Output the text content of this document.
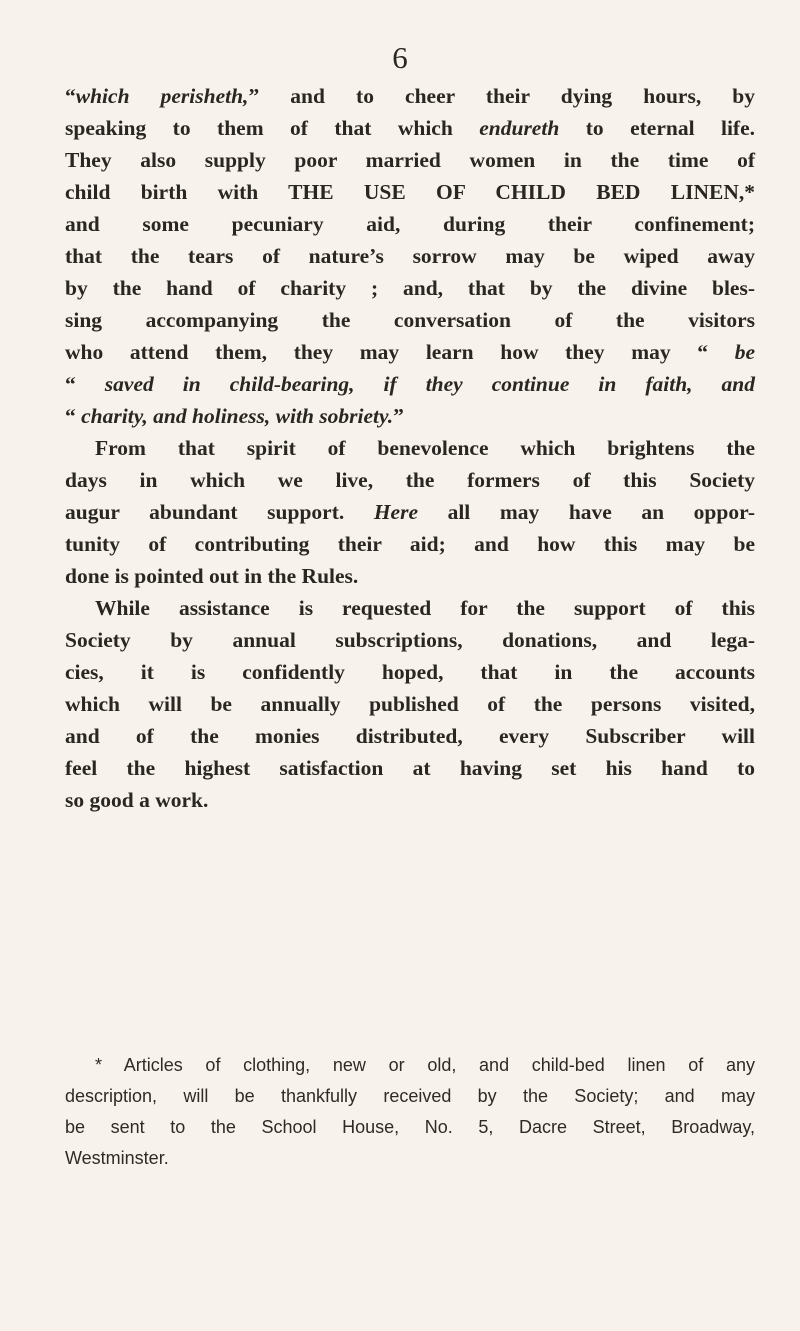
6
“which perisheth,” and to cheer their dying hours, by
speaking to them of that which endureth to eternal life.
They also supply poor married women in the time of
child birth with THE USE OF CHILD BED LINEN,*
and some pecuniary aid, during their confinement;
that the tears of nature’s sorrow may be wiped away
by the hand of charity ; and, that by the divine bles-
sing accompanying the conversation of the visitors
who attend them, they may learn how they may “ be
“ saved in child-bearing, if they continue in faith, and
“ charity, and holiness, with sobriety.”
From that spirit of benevolence which brightens the
days in which we live, the formers of this Society
augur abundant support. Here all may have an oppor-
tunity of contributing their aid; and how this may be
done is pointed out in the Rules.
While assistance is requested for the support of this
Society by annual subscriptions, donations, and lega-
cies, it is confidently hoped, that in the accounts
which will be annually published of the persons visited,
and of the monies distributed, every Subscriber will
feel the highest satisfaction at having set his hand to
so good a work.
* Articles of clothing, new or old, and child-bed linen of any
description, will be thankfully received by the Society; and may
be sent to the School House, No. 5, Dacre Street, Broadway,
Westminster.
